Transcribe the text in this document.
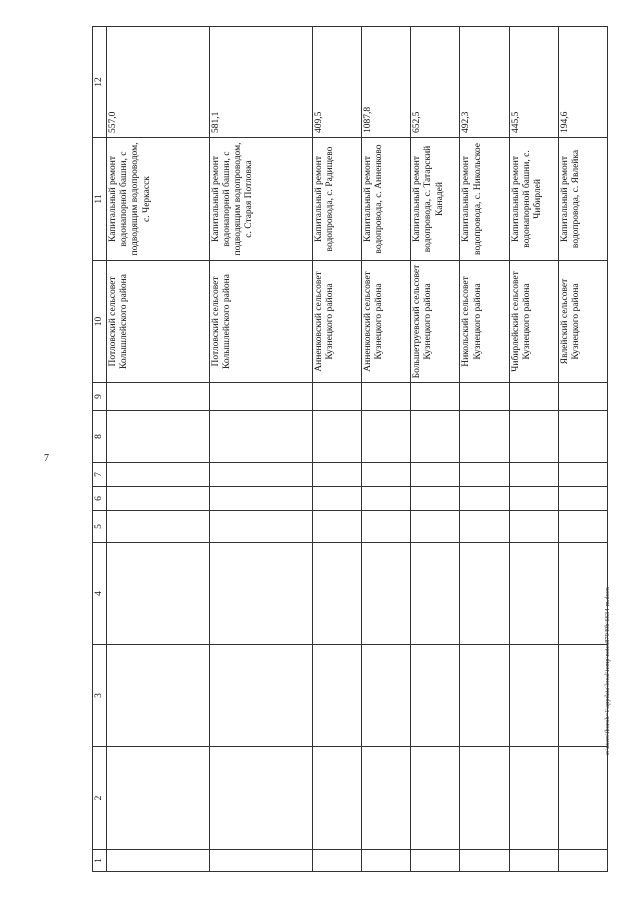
7
c:\users\iboroh~1\appdata\local\temp\notes87949b\6634-m.docx
1	2	3	4	5	6	7	8	9	10	11	12
									Потловский сельсовет Колышлейского района	Капитальный ремонт водонапорной башни, с подводящим водопроводом, с. Черкасск	557,0
									Потловский сельсовет Колышлейского района	Капитальный ремонт водонапорной башни, с подводящим водопроводом, с. Старая Потловка	581,1
									Анненковский сельсовет Кузнецкого района	Капитальный ремонт водопровода, с. Радищево	409,5
									Анненковский сельсовет Кузнецкого района	Капитальный ремонт водопровода, с. Анненково	1087,8
									Большетруевский сельсовет Кузнецкого района	Капитальный ремонт водопровода, с. Татарский Канадей	652,5
									Никольский сельсовет Кузнецкого района	Капитальный ремонт водопровода, с. Никольское	492,3
									Чибирлейский сельсовет Кузнецкого района	Капитальный ремонт водонапорной башни, с. Чибирлей	445,5
									Явлейский сельсовет Кузнецкого района	Капитальный ремонт водопровода, с. Явлейка	194,6
